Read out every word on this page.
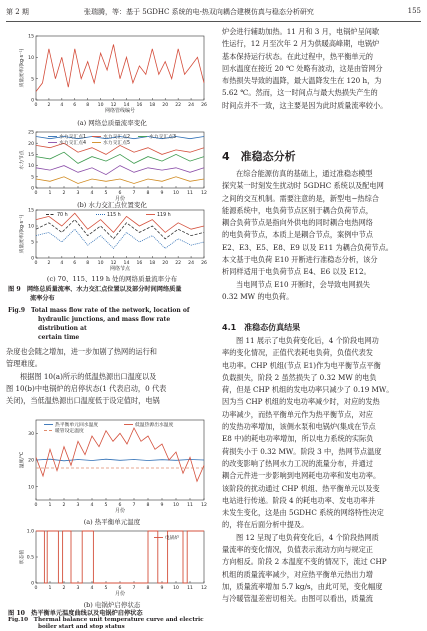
第 2 期	张瑞腾，等：基于 5GDHC 系统的电-热双向耦合建模仿真与稳态分析研究	155
0 2 4 6 8 10 12 14 16 18 20 22 24 26
15
10
5
0
网络管线编号
质量流率/(kg·s⁻¹)
(a) 网络总质量流率变化
0 1 2 3 4 5 6 7 8 9 10 11 12
25
20
15
10
5
0
月份
水力节点
水力交汇点1	水力交汇点2	水力交汇点3
水力交汇点4	水力交汇点5
(b) 水力交汇点位置变化
0 2 4 6 8 10 12 14 16 18 20 22 24 26
15
10
5
0
网络节点
质量流率/(kg·s⁻¹)	70 h	115 h	119 h
(c) 70、115、119 h 处的网络质量流率分布
图 9　网络总质量流率、水力交汇点位置以及部分时间网络质量
流率分布
Fig.9　Total mass flow rate of the network, location of
hydraulic junctions, and mass flow rate distribution at
certain time

杂度也会随之增加，进一步加剧了热网的运行和
管理难度。

根据图 10(a)所示的低温热源出口温度以及
图 10(b)中电锅炉的启停状态(1 代表启动，0 代表
关闭)，当低温热源出口温度低于设定值时，电锅

0 1 2 3 4 5 6 7 8 9 10 11 12
30
20
10
月份
温度/℃
热平衡单元回水温度	低温热源出水温度
暖管设定温度
(a) 热平衡单元温度
0 1 2 3 4 5 6 7 8 9 10 11 12
1.0
0.5
0
月份
状态值
电锅炉
(b) 电锅炉启停状态
图 10　热平衡单元温度曲线以及电锅炉启停状态
Fig.10　Thermal balance unit temperature curve and electric
boiler start and stop status

炉会进行辅助加热。11 月和 3 月，电锅炉呈间歇
性运行，12 月至次年 2 月为供暖高峰期，电锅炉
基本保持运行状态。在此过程中，热平衡单元的
回水温度在接近 20 ℃ 处略有波动，这是由管网分
布热损失导致的温降，最大温降发生在 120 h，为
5.62 ℃。然而，这一时间点与最大热损失产生的
时间点并不一致，这主要是因为此时质量流率较小。

4　准稳态分析

在综合能源仿真的基础上，通过准稳态模型
探究某一时刻发生扰动时 5GDHC 系统以及配电网
之间的交互机制。需要注意的是，新型电−热综合
能源系统中，电负荷节点区别于耦合负荷节点，
耦合负荷节点是指向外供电的同时耦合电热网络
的电负荷节点，本质上是耦合节点，案例中节点
E2、E3、E5、E8、E9 以及 E11 为耦合负荷节点。
本文基于电负荷 E10 开断进行准稳态分析，该分
析同样适用于电负荷节点 E4、E6 以及 E12。

当电网节点 E10 开断时，会导致电网损失
0.32 MW 的电负荷。

4.1　准稳态仿真结果

图 11 展示了电负荷变化后，4 个阶段电网功
率的变化情况，正值代表耗电负荷，负值代表发
电功率。CHP 机组(节点 E1)作为电平衡节点平衡
负载损失，阶段 2 虽然损失了 0.32 MW 的电负
荷，但是 CHP 机组的发电功率只减少了 0.19 MW。
因为当 CHP 机组的发电功率减少时，对应的发热
功率减少，而热平衡单元作为热平衡节点，对应
的发热功率增加，该侧水泵和电锅炉(集成在节点
E8 中)的耗电功率增加，所以电力系统的实际负
荷损失小于 0.32 MW。阶段 3 中，热网节点温度
的改变影响了热网水力工况的流量分布，并通过
耦合元件进一步影响到电网耗电功率和发电功率。
该阶段的扰动通过 CHP 机组、热平衡单元以及变
电站进行传递。阶段 4 的耗电功率、发电功率并
未发生变化，这是由 5GDHC 系统的网络特性决定
的，将在后面分析中提及。

图 12 呈现了电负荷变化后，4 个阶段热网质
量流率的变化情况，负值表示流动方向与规定正
方向相反。阶段 2 本温度不变的情况下，流过 CHP
机组的质量流率减少，对应热平衡单元热出力增
加，质量流率增加 5.7 kg/s，由此可见，变化幅度
与冷暖管温差密切相关。由图可以看出，质量流
